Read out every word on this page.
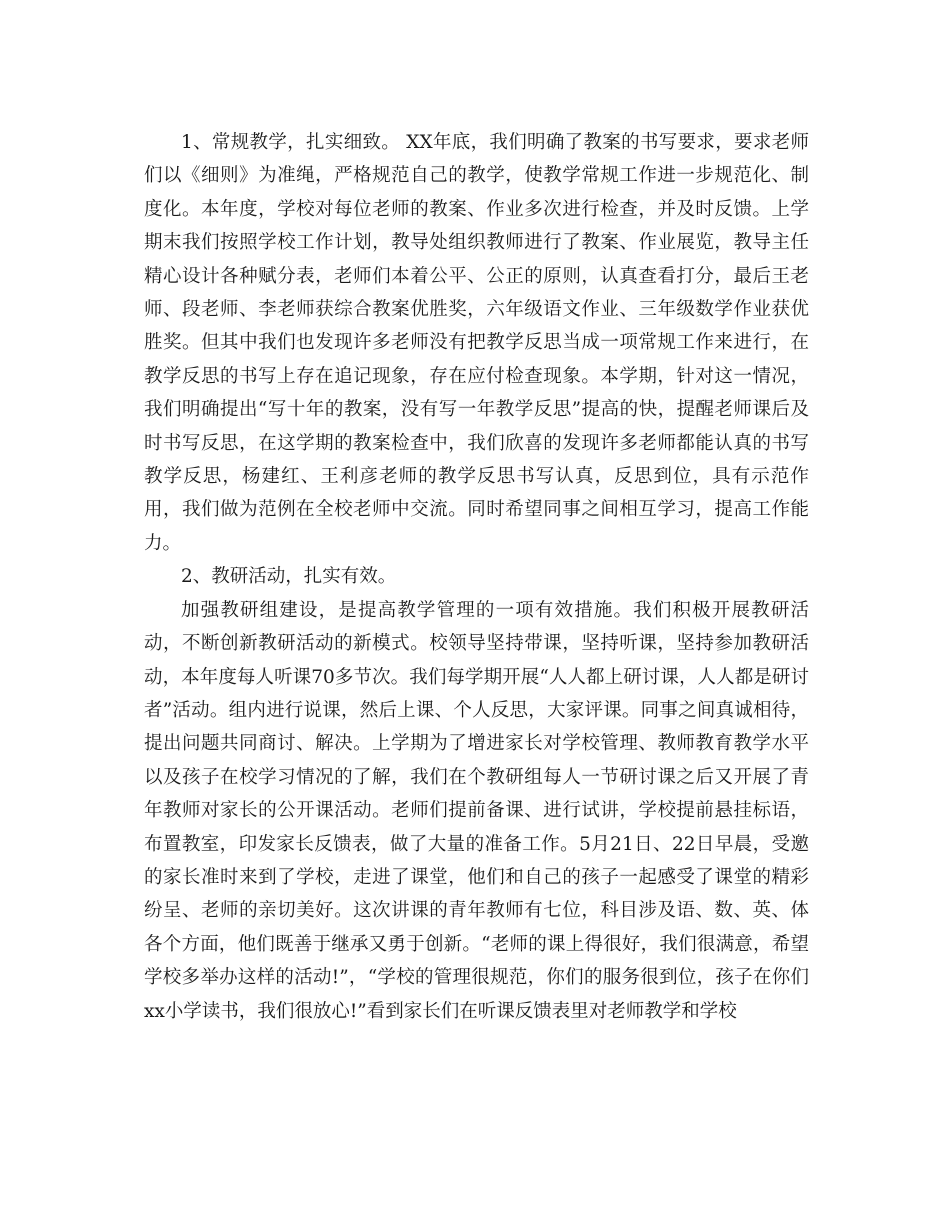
1、常规教学，扎实细致。 XX年底，我们明确了教案的书写要求，要求老师们以《细则》为准绳，严格规范自己的教学，使教学常规工作进一步规范化、制度化。本年度，学校对每位老师的教案、作业多次进行检查，并及时反馈。上学期末我们按照学校工作计划，教导处组织教师进行了教案、作业展览，教导主任精心设计各种赋分表，老师们本着公平、公正的原则，认真查看打分，最后王老师、段老师、李老师获综合教案优胜奖，六年级语文作业、三年级数学作业获优胜奖。但其中我们也发现许多老师没有把教学反思当成一项常规工作来进行，在教学反思的书写上存在追记现象，存在应付检查现象。本学期，针对这一情况，我们明确提出“写十年的教案，没有写一年教学反思”提高的快，提醒老师课后及时书写反思，在这学期的教案检查中，我们欣喜的发现许多老师都能认真的书写教学反思，杨建红、王利彦老师的教学反思书写认真，反思到位，具有示范作用，我们做为范例在全校老师中交流。同时希望同事之间相互学习，提高工作能力。

2、教研活动，扎实有效。

加强教研组建设，是提高教学管理的一项有效措施。我们积极开展教研活动，不断创新教研活动的新模式。校领导坚持带课，坚持听课，坚持参加教研活动，本年度每人听课70多节次。我们每学期开展“人人都上研讨课，人人都是研讨者”活动。组内进行说课，然后上课、个人反思，大家评课。同事之间真诚相待，提出问题共同商讨、解决。上学期为了增进家长对学校管理、教师教育教学水平以及孩子在校学习情况的了解，我们在个教研组每人一节研讨课之后又开展了青年教师对家长的公开课活动。老师们提前备课、进行试讲，学校提前悬挂标语，布置教室，印发家长反馈表，做了大量的准备工作。5月21日、22日早晨，受邀的家长准时来到了学校，走进了课堂，他们和自己的孩子一起感受了课堂的精彩纷呈、老师的亲切美好。这次讲课的青年教师有七位，科目涉及语、数、英、体各个方面，他们既善于继承又勇于创新。“老师的课上得很好，我们很满意，希望学校多举办这样的活动!”，“学校的管理很规范，你们的服务很到位，孩子在你们xx小学读书，我们很放心!”看到家长们在听课反馈表里对老师教学和学校
